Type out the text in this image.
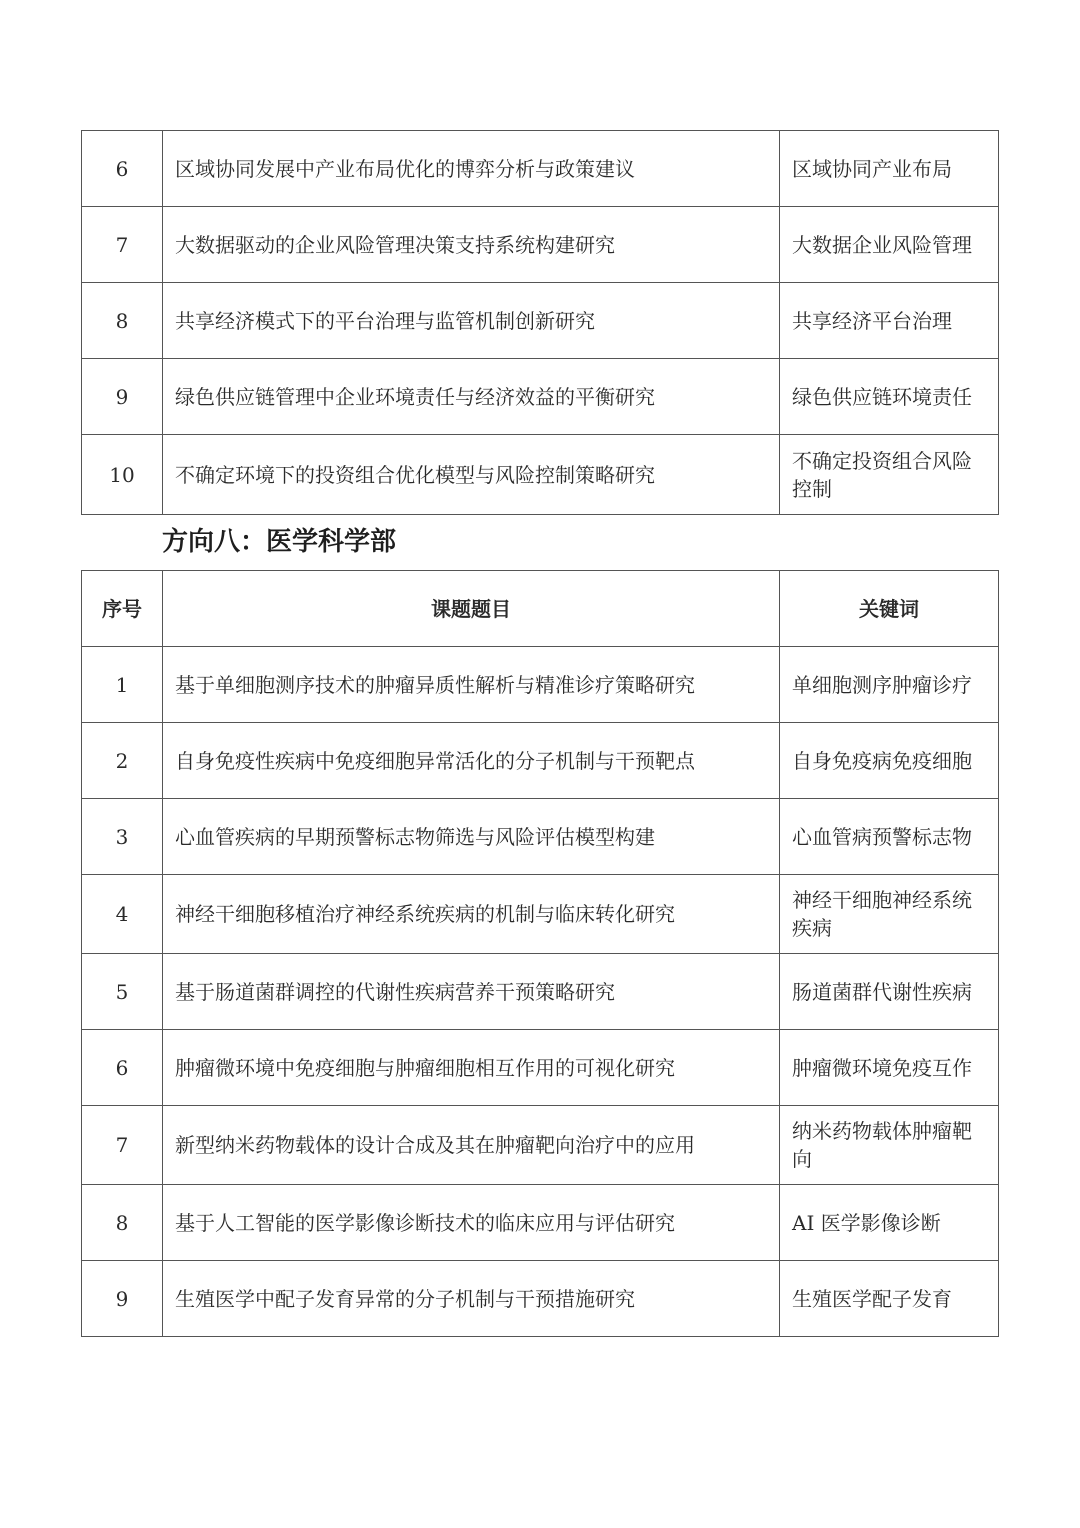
6	区域协同发展中产业布局优化的博弈分析与政策建议	区域协同产业布局
7	大数据驱动的企业风险管理决策支持系统构建研究	大数据企业风险管理
8	共享经济模式下的平台治理与监管机制创新研究	共享经济平台治理
9	绿色供应链管理中企业环境责任与经济效益的平衡研究	绿色供应链环境责任
10	不确定环境下的投资组合优化模型与风险控制策略研究	不确定投资组合风险控制
方向八：医学科学部
序号	课题题目	关键词
1	基于单细胞测序技术的肿瘤异质性解析与精准诊疗策略研究	单细胞测序肿瘤诊疗
2	自身免疫性疾病中免疫细胞异常活化的分子机制与干预靶点	自身免疫病免疫细胞
3	心血管疾病的早期预警标志物筛选与风险评估模型构建	心血管病预警标志物
4	神经干细胞移植治疗神经系统疾病的机制与临床转化研究	神经干细胞神经系统疾病
5	基于肠道菌群调控的代谢性疾病营养干预策略研究	肠道菌群代谢性疾病
6	肿瘤微环境中免疫细胞与肿瘤细胞相互作用的可视化研究	肿瘤微环境免疫互作
7	新型纳米药物载体的设计合成及其在肿瘤靶向治疗中的应用	纳米药物载体肿瘤靶向
8	基于人工智能的医学影像诊断技术的临床应用与评估研究	AI 医学影像诊断
9	生殖医学中配子发育异常的分子机制与干预措施研究	生殖医学配子发育
